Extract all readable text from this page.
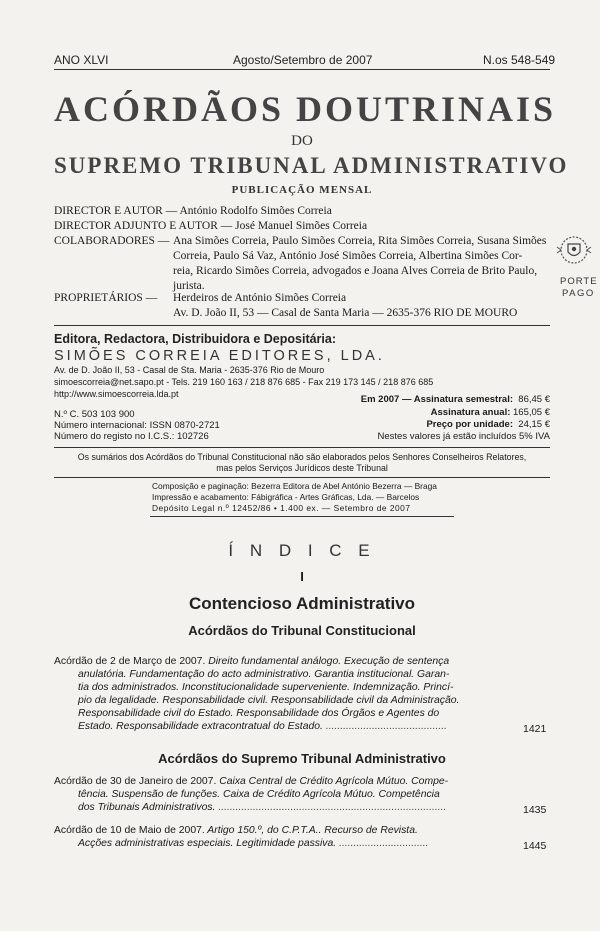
ANO XLVI	Agosto/Setembro de 2007	N.os 548-549
ACÓRDÃOS DOUTRINAIS
DO
SUPREMO TRIBUNAL ADMINISTRATIVO
PUBLICAÇÃO MENSAL
DIRECTOR E AUTOR — António Rodolfo Simões Correia
DIRECTOR ADJUNTO E AUTOR — José Manuel Simões Correia
COLABORADORES — Ana Simões Correia, Paulo Simões Correia, Rita Simões Correia, Susana Simões
Correia, Paulo Sá Vaz, António José Simões Correia, Albertina Simões Cor-
reia, Ricardo Simões Correia, advogados e Joana Alves Correia de Brito Paulo,
jurista.
PROPRIETÁRIOS — Herdeiros de António Simões Correia
Av. D. João II, 53 — Casal de Santa Maria — 2635-376 RIO DE MOURO
PORTE
PAGO
Editora, Redactora, Distribuidora e Depositária:
SIMÕES CORREIA EDITORES, LDA.
Av. de D. João II, 53 - Casal de Sta. Maria - 2635-376 Rio de Mouro
simoescorreia@net.sapo.pt - Tels. 219 160 163 / 218 876 685 - Fax 219 173 145 / 218 876 685
http://www.simoescorreia.lda.pt
N.º C. 503 103 900
Número internacional: ISSN 0870-2721
Número do registo no I.C.S.: 102726
Em 2007 — Assinatura semestral: 86,45 €
Assinatura anual: 165,05 €
Preço por unidade: 24,15 €
Nestes valores já estão incluídos 5% IVA
Os sumários dos Acórdãos do Tribunal Constitucional não são elaborados pelos Senhores Conselheiros Relatores,
mas pelos Serviços Jurídicos deste Tribunal
Composição e paginação: Bezerra Editora de Abel António Bezerra — Braga
Impressão e acabamento: Fábigráfica - Artes Gráficas, Lda. — Barcelos
Depósito Legal n.º 12452/86 • 1.400 ex. — Setembro de 2007
Í N D I C E
I
Contencioso Administrativo
Acórdãos do Tribunal Constitucional
Acórdão de 2 de Março de 2007. Direito fundamental análogo. Execução de sentença
anulatória. Fundamentação do acto administrativo. Garantia institucional. Garan-
tia dos administrados. Inconstitucionalidade superveniente. Indemnização. Princí-
pio da legalidade. Responsabilidade civil. Responsabilidade civil da Administração.
Responsabilidade civil do Estado. Responsabilidade dos Órgãos e Agentes do
Estado. Responsabilidade extracontratual do Estado. ..........................................	1421
Acórdãos do Supremo Tribunal Administrativo
Acórdão de 30 de Janeiro de 2007. Caixa Central de Crédito Agrícola Mútuo. Compe-
tência. Suspensão de funções. Caixa de Crédito Agrícola Mútuo. Competência
dos Tribunais Administrativos. ...............................................................................	1435
Acórdão de 10 de Maio de 2007. Artigo 150.º, do C.P.T.A.. Recurso de Revista.
Acções administrativas especiais. Legitimidade passiva. ...............................	1445
